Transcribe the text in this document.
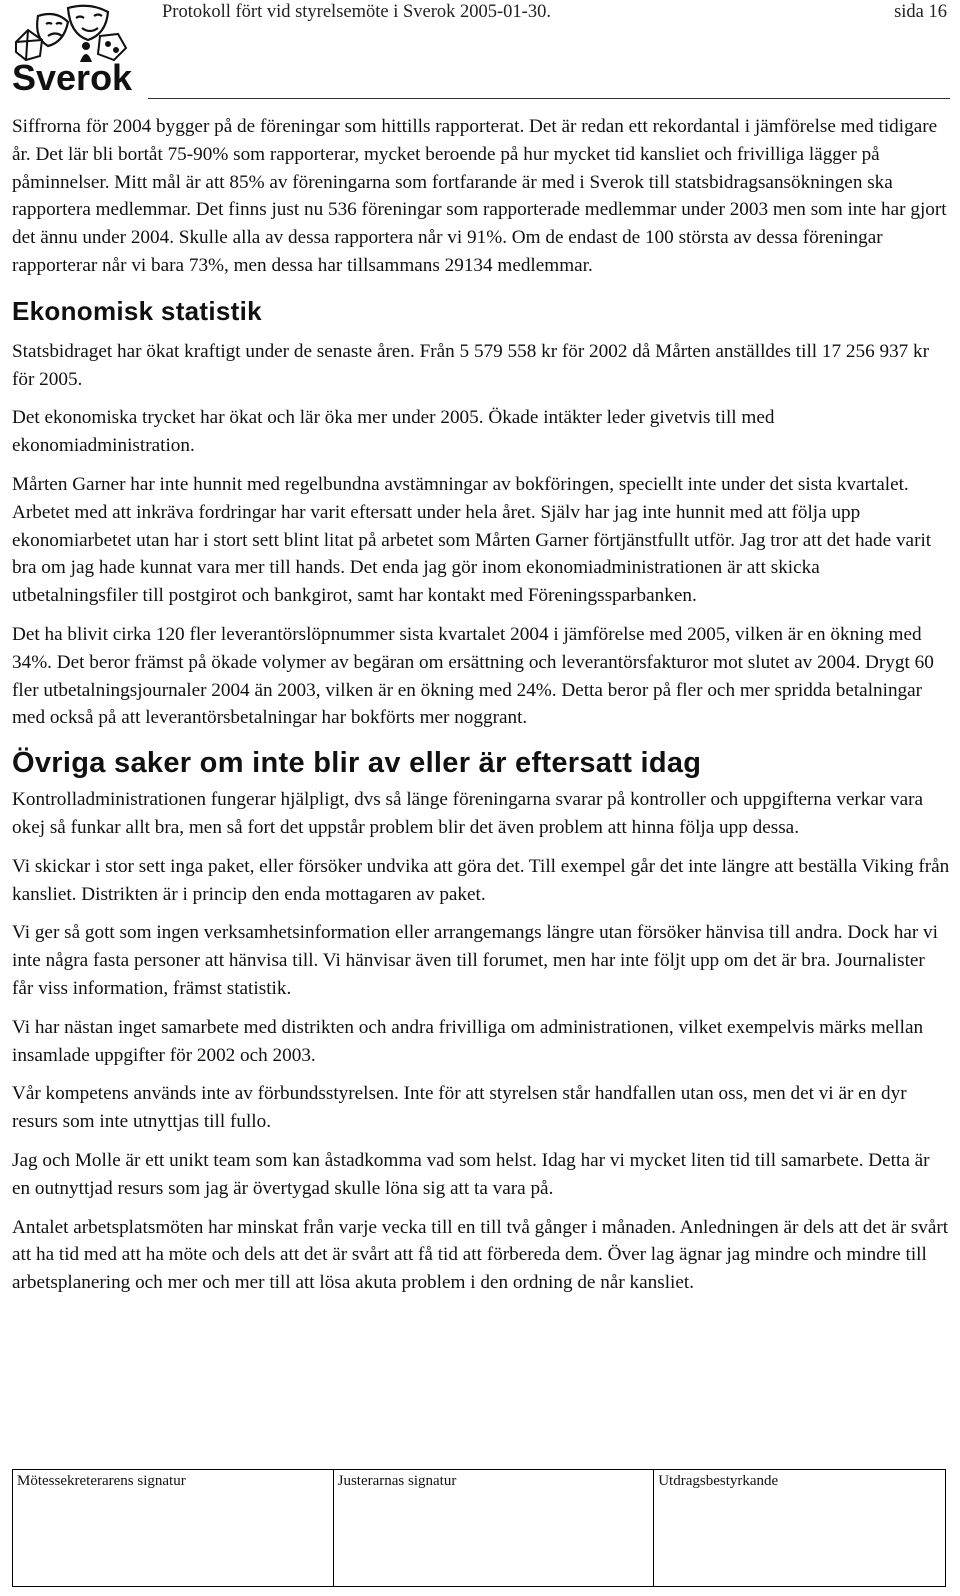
Sverok
Protokoll fört vid styrelsemöte i Sverok 2005-01-30.	sida 16

Siffrorna för 2004 bygger på de föreningar som hittills rapporterat. Det är redan ett rekordantal i jämförelse med tidigare år. Det lär bli bortåt 75-90% som rapporterar, mycket beroende på hur mycket tid kansliet och frivilliga lägger på påminnelser. Mitt mål är att 85% av föreningarna som fortfarande är med i Sverok till statsbidragsansökningen ska rapportera medlemmar. Det finns just nu 536 föreningar som rapporterade medlemmar under 2003 men som inte har gjort det ännu under 2004. Skulle alla av dessa rapportera når vi 91%. Om de endast de 100 största av dessa föreningar rapporterar når vi bara 73%, men dessa har tillsammans 29134 medlemmar.

Ekonomisk statistik

Statsbidraget har ökat kraftigt under de senaste åren. Från 5 579 558 kr för 2002 då Mårten anställdes till 17 256 937 kr för 2005.

Det ekonomiska trycket har ökat och lär öka mer under 2005. Ökade intäkter leder givetvis till med ekonomiadministration.

Mårten Garner har inte hunnit med regelbundna avstämningar av bokföringen, speciellt inte under det sista kvartalet. Arbetet med att inkräva fordringar har varit eftersatt under hela året. Själv har jag inte hunnit med att följa upp ekonomiarbetet utan har i stort sett blint litat på arbetet som Mårten Garner förtjänstfullt utför. Jag tror att det hade varit bra om jag hade kunnat vara mer till hands. Det enda jag gör inom ekonomiadministrationen är att skicka utbetalningsfiler till postgirot och bankgirot, samt har kontakt med Föreningssparbanken.

Det ha blivit cirka 120 fler leverantörslöpnummer sista kvartalet 2004 i jämförelse med 2005, vilken är en ökning med 34%. Det beror främst på ökade volymer av begäran om ersättning och leverantörsfakturor mot slutet av 2004. Drygt 60 fler utbetalningsjournaler 2004 än 2003, vilken är en ökning med 24%. Detta beror på fler och mer spridda betalningar med också på att leverantörsbetalningar har bokförts mer noggrant.

Övriga saker om inte blir av eller är eftersatt idag

Kontrolladministrationen fungerar hjälpligt, dvs så länge föreningarna svarar på kontroller och uppgifterna verkar vara okej så funkar allt bra, men så fort det uppstår problem blir det även problem att hinna följa upp dessa.

Vi skickar i stor sett inga paket, eller försöker undvika att göra det. Till exempel går det inte längre att beställa Viking från kansliet. Distrikten är i princip den enda mottagaren av paket.

Vi ger så gott som ingen verksamhetsinformation eller arrangemangs längre utan försöker hänvisa till andra. Dock har vi inte några fasta personer att hänvisa till. Vi hänvisar även till forumet, men har inte följt upp om det är bra. Journalister får viss information, främst statistik.

Vi har nästan inget samarbete med distrikten och andra frivilliga om administrationen, vilket exempelvis märks mellan insamlade uppgifter för 2002 och 2003.

Vår kompetens används inte av förbundsstyrelsen. Inte för att styrelsen står handfallen utan oss, men det vi är en dyr resurs som inte utnyttjas till fullo.

Jag och Molle är ett unikt team som kan åstadkomma vad som helst. Idag har vi mycket liten tid till samarbete. Detta är en outnyttjad resurs som jag är övertygad skulle löna sig att ta vara på.

Antalet arbetsplatsmöten har minskat från varje vecka till en till två gånger i månaden. Anledningen är dels att det är svårt att ha tid med att ha möte och dels att det är svårt att få tid att förbereda dem. Över lag ägnar jag mindre och mindre till arbetsplanering och mer och mer till att lösa akuta problem i den ordning de når kansliet.

Mötessekreterarens signatur	Justerarnas signatur	Utdragsbestyrkande
